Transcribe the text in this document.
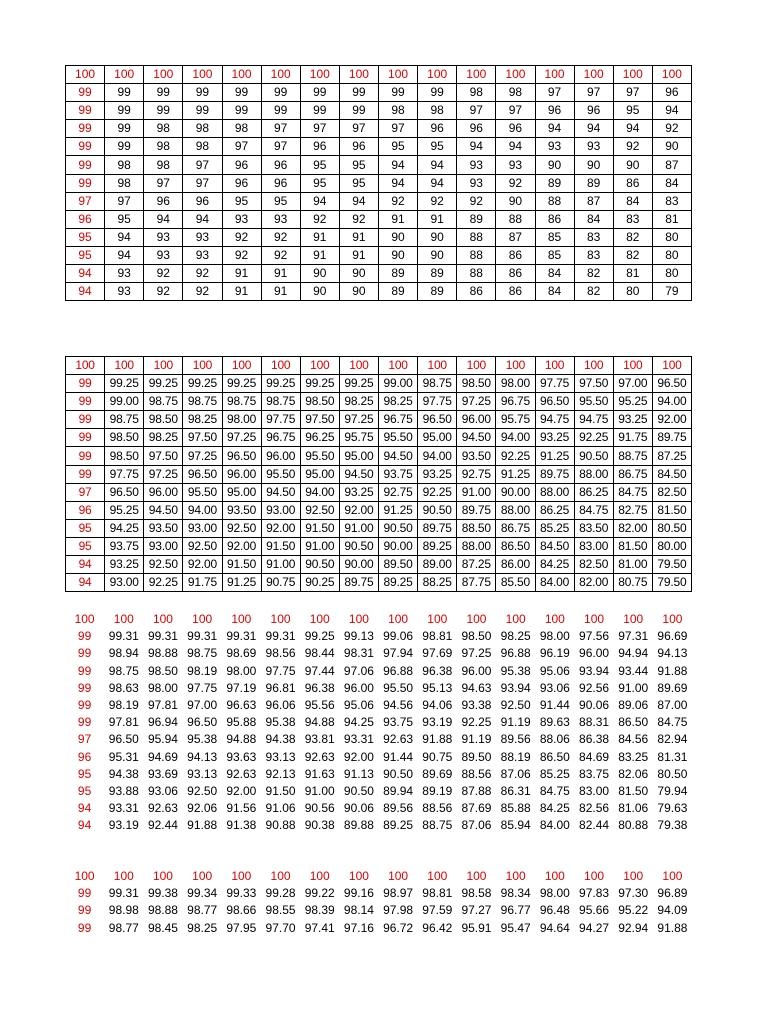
100	100	100	100	100	100	100	100	100	100	100	100	100	100	100	100
99	99	99	99	99	99	99	99	99	99	98	98	97	97	97	96
99	99	99	99	99	99	99	99	98	98	97	97	96	96	95	94
99	99	98	98	98	97	97	97	97	96	96	96	94	94	94	92
99	99	98	98	97	97	96	96	95	95	94	94	93	93	92	90
99	98	98	97	96	96	95	95	94	94	93	93	90	90	90	87
99	98	97	97	96	96	95	95	94	94	93	92	89	89	86	84
97	97	96	96	95	95	94	94	92	92	92	90	88	87	84	83
96	95	94	94	93	93	92	92	91	91	89	88	86	84	83	81
95	94	93	93	92	92	91	91	90	90	88	87	85	83	82	80
95	94	93	93	92	92	91	91	90	90	88	86	85	83	82	80
94	93	92	92	91	91	90	90	89	89	88	86	84	82	81	80
94	93	92	92	91	91	90	90	89	89	86	86	84	82	80	79
100	100	100	100	100	100	100	100	100	100	100	100	100	100	100	100
99	99.25	99.25	99.25	99.25	99.25	99.25	99.25	99.00	98.75	98.50	98.00	97.75	97.50	97.00	96.50
99	99.00	98.75	98.75	98.75	98.75	98.50	98.25	98.25	97.75	97.25	96.75	96.50	95.50	95.25	94.00
99	98.75	98.50	98.25	98.00	97.75	97.50	97.25	96.75	96.50	96.00	95.75	94.75	94.75	93.25	92.00
99	98.50	98.25	97.50	97.25	96.75	96.25	95.75	95.50	95.00	94.50	94.00	93.25	92.25	91.75	89.75
99	98.50	97.50	97.25	96.50	96.00	95.50	95.00	94.50	94.00	93.50	92.25	91.25	90.50	88.75	87.25
99	97.75	97.25	96.50	96.00	95.50	95.00	94.50	93.75	93.25	92.75	91.25	89.75	88.00	86.75	84.50
97	96.50	96.00	95.50	95.00	94.50	94.00	93.25	92.75	92.25	91.00	90.00	88.00	86.25	84.75	82.50
96	95.25	94.50	94.00	93.50	93.00	92.50	92.00	91.25	90.50	89.75	88.00	86.25	84.75	82.75	81.50
95	94.25	93.50	93.00	92.50	92.00	91.50	91.00	90.50	89.75	88.50	86.75	85.25	83.50	82.00	80.50
95	93.75	93.00	92.50	92.00	91.50	91.00	90.50	90.00	89.25	88.00	86.50	84.50	83.00	81.50	80.00
94	93.25	92.50	92.00	91.50	91.00	90.50	90.00	89.50	89.00	87.25	86.00	84.25	82.50	81.00	79.50
94	93.00	92.25	91.75	91.25	90.75	90.25	89.75	89.25	88.25	87.75	85.50	84.00	82.00	80.75	79.50
100	100	100	100	100	100	100	100	100	100	100	100	100	100	100	100
99	99.31	99.31	99.31	99.31	99.31	99.25	99.13	99.06	98.81	98.50	98.25	98.00	97.56	97.31	96.69
99	98.94	98.88	98.75	98.69	98.56	98.44	98.31	97.94	97.69	97.25	96.88	96.19	96.00	94.94	94.13
99	98.75	98.50	98.19	98.00	97.75	97.44	97.06	96.88	96.38	96.00	95.38	95.06	93.94	93.44	91.88
99	98.63	98.00	97.75	97.19	96.81	96.38	96.00	95.50	95.13	94.63	93.94	93.06	92.56	91.00	89.69
99	98.19	97.81	97.00	96.63	96.06	95.56	95.06	94.56	94.06	93.38	92.50	91.44	90.06	89.06	87.00
99	97.81	96.94	96.50	95.88	95.38	94.88	94.25	93.75	93.19	92.25	91.19	89.63	88.31	86.50	84.75
97	96.50	95.94	95.38	94.88	94.38	93.81	93.31	92.63	91.88	91.19	89.56	88.06	86.38	84.56	82.94
96	95.31	94.69	94.13	93.63	93.13	92.63	92.00	91.44	90.75	89.50	88.19	86.50	84.69	83.25	81.31
95	94.38	93.69	93.13	92.63	92.13	91.63	91.13	90.50	89.69	88.56	87.06	85.25	83.75	82.06	80.50
95	93.88	93.06	92.50	92.00	91.50	91.00	90.50	89.94	89.19	87.88	86.31	84.75	83.00	81.50	79.94
94	93.31	92.63	92.06	91.56	91.06	90.56	90.06	89.56	88.56	87.69	85.88	84.25	82.56	81.06	79.63
94	93.19	92.44	91.88	91.38	90.88	90.38	89.88	89.25	88.75	87.06	85.94	84.00	82.44	80.88	79.38
100	100	100	100	100	100	100	100	100	100	100	100	100	100	100	100
99	99.31	99.38	99.34	99.33	99.28	99.22	99.16	98.97	98.81	98.58	98.34	98.00	97.83	97.30	96.89
99	98.98	98.88	98.77	98.66	98.55	98.39	98.14	97.98	97.59	97.27	96.77	96.48	95.66	95.22	94.09
99	98.77	98.45	98.25	97.95	97.70	97.41	97.16	96.72	96.42	95.91	95.47	94.64	94.27	92.94	91.88
